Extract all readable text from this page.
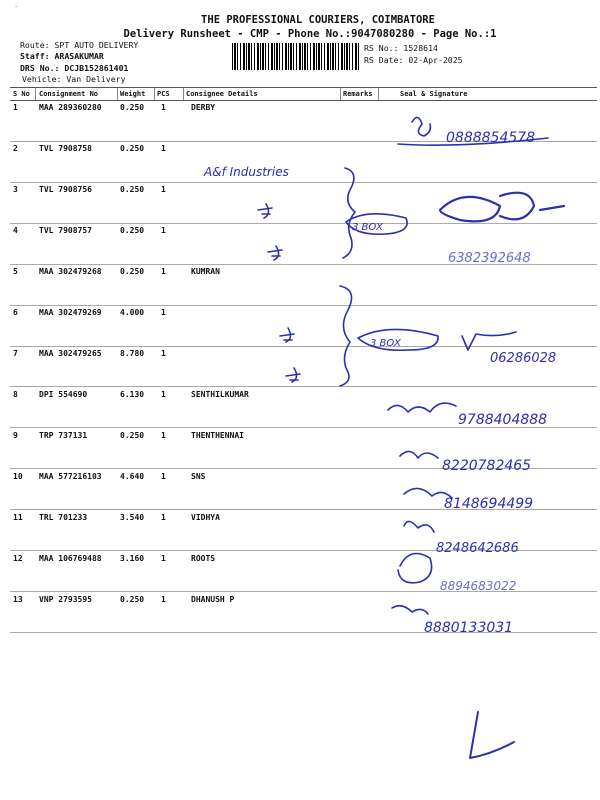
·
THE PROFESSIONAL COURIERS, COIMBATORE
Delivery Runsheet - CMP - Phone No.:9047080280 - Page No.:1
Route: SPT AUTO DELIVERY
Staff: ARASAKUMAR
DRS No.: DCJB152861401
Vehicle: Van Delivery
RS No.: 1528614
RS Date: 02-Apr-2025
S No Consignment No	Weight PCS Consignee Details	Remarks	Seal & Signature
1	MAA 289360280 0.250 1	DERBY
2	TVL 7908758	0.250 1
3	TVL 7908756	0.250 1
4	TVL 7908757	0.250 1
5	MAA 302479268 0.250 1	KUMRAN
6	MAA 302479269 4.000 1
7	MAA 302479265 8.780 1
8	DPI 554690	6.130 1	SENTHILKUMAR
9	TRP 737131	0.250 1	THENTHENNAI
10 MAA 577216103 4.640 1	SNS
11 TRL 701233	3.540 1	VIDHYA
12 MAA 106769488 3.160 1	ROOTS
13 VNP 2793595	0.250 1	DHANUSH P
0888854578
A&f Industries
3 BOX
6382392648
3 BOX
06286028
9788404888
8220782465
8148694499
8248642686
8894683022
8880133031
